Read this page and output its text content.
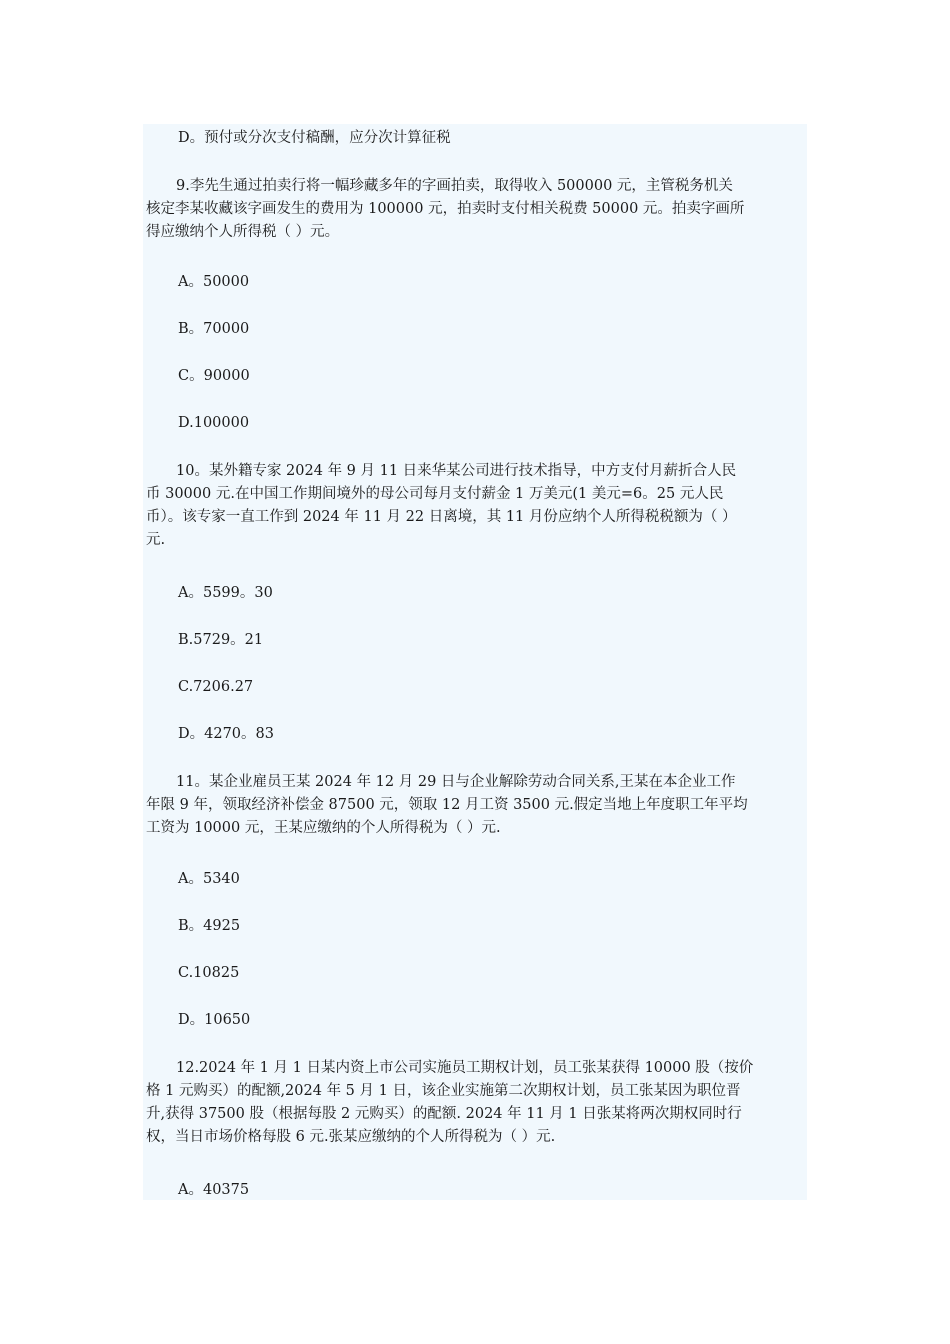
D。预付或分次支付稿酬，应分次计算征税
9.李先生通过拍卖行将一幅珍藏多年的字画拍卖，取得收入 500000 元，主管税务机关
核定李某收藏该字画发生的费用为 100000 元，拍卖时支付相关税费 50000 元。拍卖字画所
得应缴纳个人所得税（ ）元。
A。50000
B。70000
C。90000
D.100000
10。某外籍专家 2024 年 9 月 11 日来华某公司进行技术指导，中方支付月薪折合人民
币 30000 元.在中国工作期间境外的母公司每月支付薪金 1 万美元(1 美元=6。25 元人民
币）。该专家一直工作到 2024 年 11 月 22 日离境，其 11 月份应纳个人所得税税额为（ ）
元.
A。5599。30
B.5729。21
C.7206.27
D。4270。83
11。某企业雇员王某 2024 年 12 月 29 日与企业解除劳动合同关系,王某在本企业工作
年限 9 年，领取经济补偿金 87500 元，领取 12 月工资 3500 元.假定当地上年度职工年平均
工资为 10000 元，王某应缴纳的个人所得税为（ ）元.
A。5340
B。4925
C.10825
D。10650
12.2024 年 1 月 1 日某内资上市公司实施员工期权计划，员工张某获得 10000 股（按价
格 1 元购买）的配额,2024 年 5 月 1 日，该企业实施第二次期权计划，员工张某因为职位晋
升,获得 37500 股（根据每股 2 元购买）的配额. 2024 年 11 月 1 日张某将两次期权同时行
权，当日市场价格每股 6 元.张某应缴纳的个人所得税为（ ）元.
A。40375
